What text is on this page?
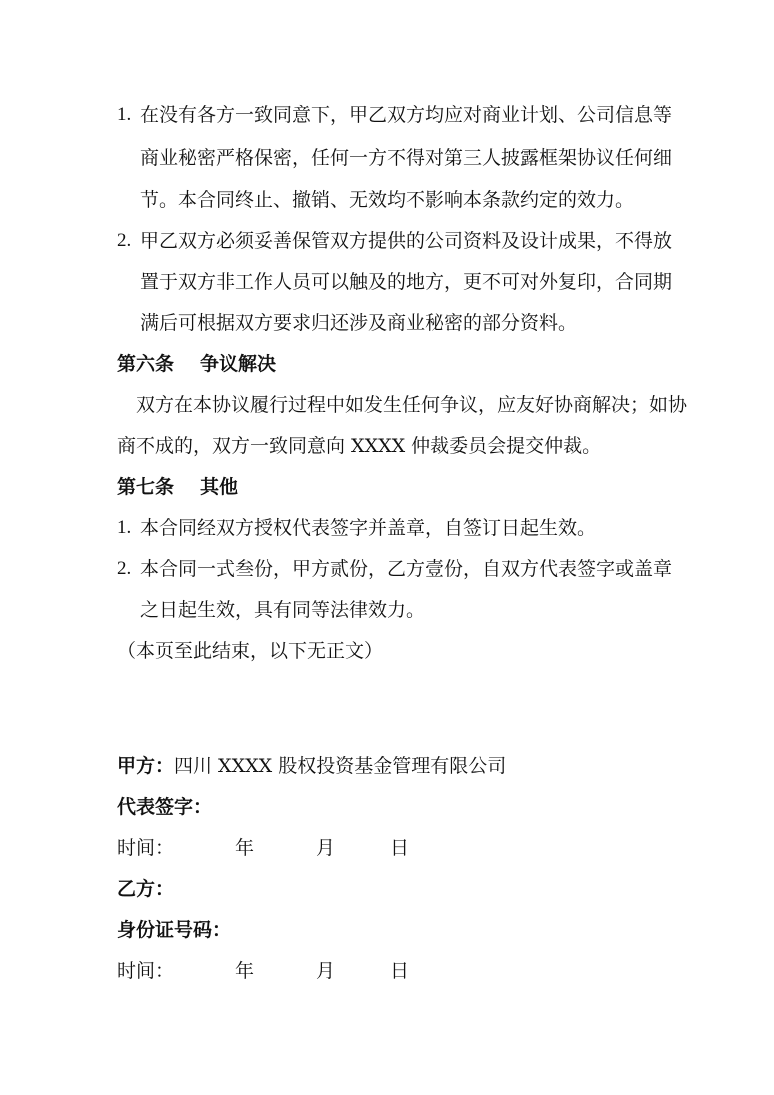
1. 在没有各方一致同意下，甲乙双方均应对商业计划、公司信息等
商业秘密严格保密，任何一方不得对第三人披露框架协议任何细
节。本合同终止、撤销、无效均不影响本条款约定的效力。
2. 甲乙双方必须妥善保管双方提供的公司资料及设计成果，不得放
置于双方非工作人员可以触及的地方，更不可对外复印，合同期
满后可根据双方要求归还涉及商业秘密的部分资料。
第六条 争议解决
双方在本协议履行过程中如发生任何争议，应友好协商解决；如协
商不成的，双方一致同意向 XXXX 仲裁委员会提交仲裁。
第七条 其他
1. 本合同经双方授权代表签字并盖章，自签订日起生效。
2. 本合同一式叁份，甲方贰份，乙方壹份，自双方代表签字或盖章
之日起生效，具有同等法律效力。
（本页至此结束，以下无正文）
甲方：四川 XXXX 股权投资基金管理有限公司
代表签字：
时间：	年	月	日
乙方：
身份证号码：
时间：	年	月	日
